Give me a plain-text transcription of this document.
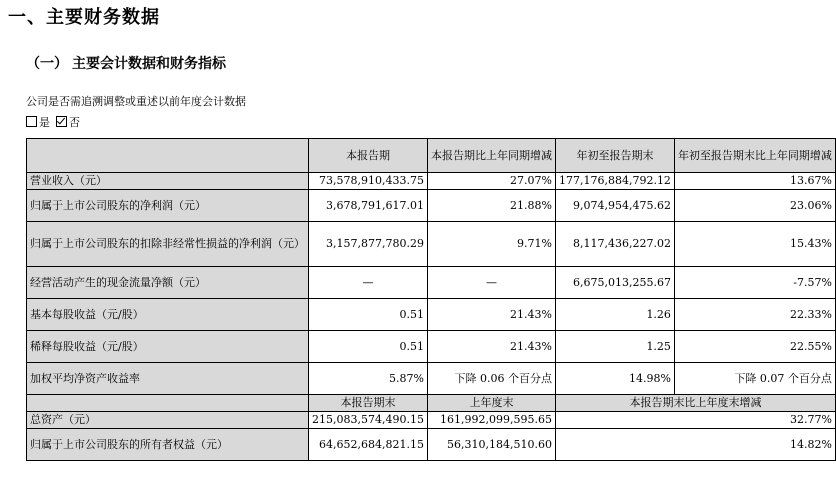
一、主要财务数据
（一） 主要会计数据和财务指标
公司是否需追溯调整或重述以前年度会计数据
是 否
	本报告期	本报告期比上年同期增减	年初至报告期末	年初至报告期末比上年同期增减
营业收入（元）	73,578,910,433.75	27.07%	177,176,884,792.12	13.67%
归属于上市公司股东的净利润（元）	3,678,791,617.01	21.88%	9,074,954,475.62	23.06%
归属于上市公司股东的扣除非经常性损益的净利润（元）	3,157,877,780.29	9.71%	8,117,436,227.02	15.43%
经营活动产生的现金流量净额（元）	—	—	6,675,013,255.67	-7.57%
基本每股收益（元/股）	0.51	21.43%	1.26	22.33%
稀释每股收益（元/股）	0.51	21.43%	1.25	22.55%
加权平均净资产收益率	5.87%	下降 0.06 个百分点	14.98%	下降 0.07 个百分点
	本报告期末	上年度末	本报告期末比上年度末增减	
总资产（元）	215,083,574,490.15	161,992,099,595.65	32.77%	
归属于上市公司股东的所有者权益（元）	64,652,684,821.15	56,310,184,510.60	14.82%	
